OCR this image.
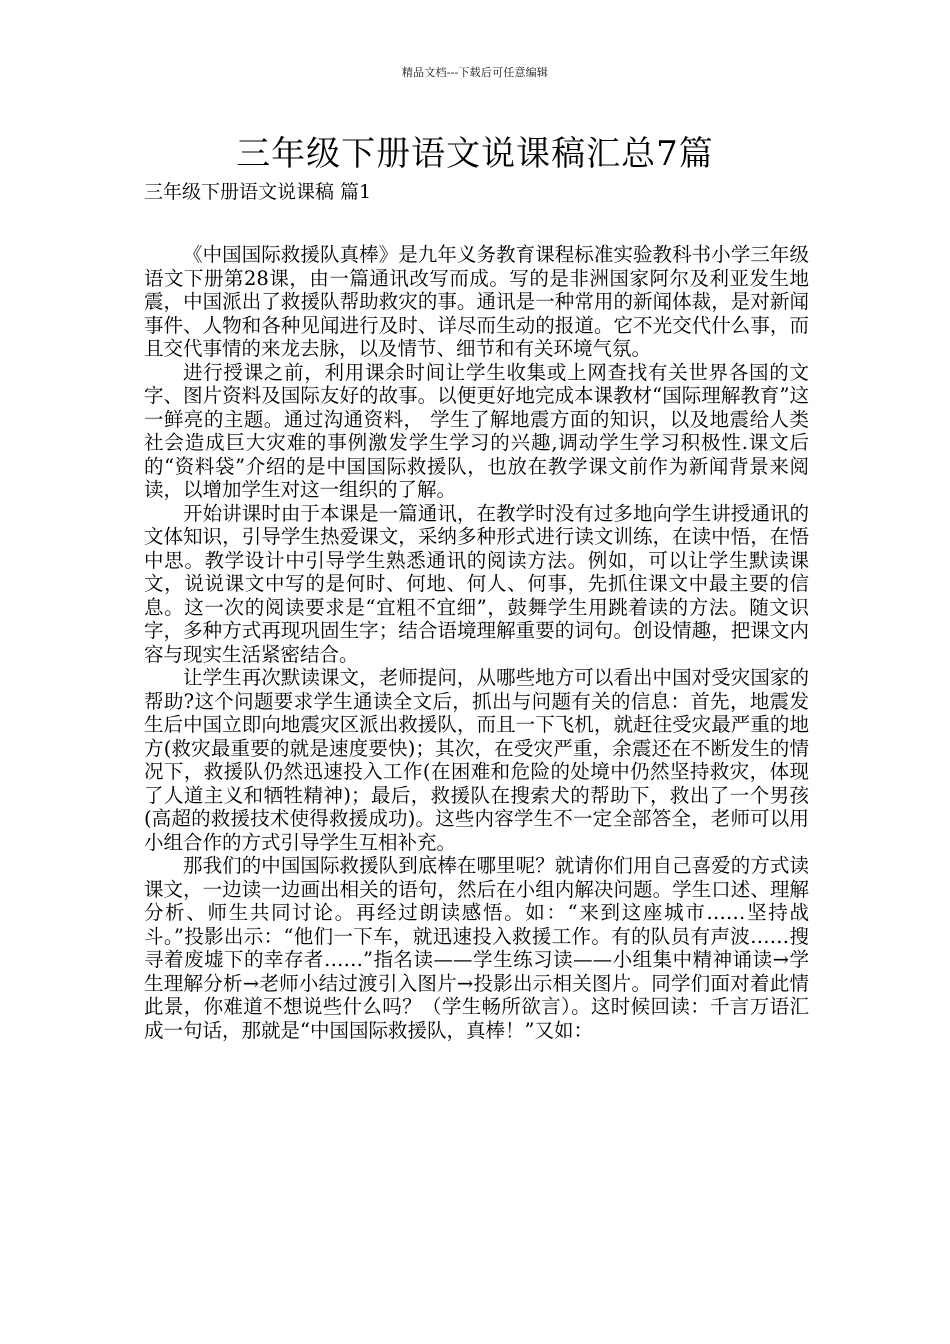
精品文档---下载后可任意编辑
三年级下册语文说课稿汇总7篇
三年级下册语文说课稿 篇1

《中国国际救援队真棒》是九年义务教育课程标准实验教科书小学三年级语文下册第28课，由一篇通讯改写而成。写的是非洲国家阿尔及利亚发生地震，中国派出了救援队帮助救灾的事。通讯是一种常用的新闻体裁，是对新闻事件、人物和各种见闻进行及时、详尽而生动的报道。它不光交代什么事，而且交代事情的来龙去脉，以及情节、细节和有关环境气氛。

进行授课之前，利用课余时间让学生收集或上网查找有关世界各国的文字、图片资料及国际友好的故事。以便更好地完成本课教材“国际理解教育”这一鲜亮的主题。通过沟通资料， 学生了解地震方面的知识，以及地震给人类社会造成巨大灾难的事例激发学生学习的兴趣,调动学生学习积极性.课文后的“资料袋”介绍的是中国国际救援队，也放在教学课文前作为新闻背景来阅读，以增加学生对这一组织的了解。

开始讲课时由于本课是一篇通讯，在教学时没有过多地向学生讲授通讯的文体知识，引导学生热爱课文，采纳多种形式进行读文训练，在读中悟，在悟中思。教学设计中引导学生熟悉通讯的阅读方法。例如，可以让学生默读课文，说说课文中写的是何时、何地、何人、何事，先抓住课文中最主要的信息。这一次的阅读要求是“宜粗不宜细”，鼓舞学生用跳着读的方法。随文识字，多种方式再现巩固生字；结合语境理解重要的词句。创设情趣，把课文内容与现实生活紧密结合。

让学生再次默读课文，老师提问，从哪些地方可以看出中国对受灾国家的帮助?这个问题要求学生通读全文后，抓出与问题有关的信息：首先，地震发生后中国立即向地震灾区派出救援队，而且一下飞机，就赶往受灾最严重的地方(救灾最重要的就是速度要快)；其次，在受灾严重，余震还在不断发生的情况下，救援队仍然迅速投入工作(在困难和危险的处境中仍然坚持救灾，体现了人道主义和牺牲精神)；最后，救援队在搜索犬的帮助下，救出了一个男孩(高超的救援技术使得救援成功)。这些内容学生不一定全部答全，老师可以用小组合作的方式引导学生互相补充。

那我们的中国国际救援队到底棒在哪里呢？就请你们用自己喜爱的方式读课文，一边读一边画出相关的语句，然后在小组内解决问题。学生口述、理解分析、师生共同讨论。再经过朗读感悟。如：“来到这座城市……坚持战斗。”投影出示：“他们一下车，就迅速投入救援工作。有的队员有声波……搜寻着废墟下的幸存者……”指名读——学生练习读——小组集中精神诵读→学生理解分析→老师小结过渡引入图片→投影出示相关图片。同学们面对着此情此景，你难道不想说些什么吗？（学生畅所欲言）。这时候回读：千言万语汇成一句话，那就是“中国国际救援队，真棒！”又如：
